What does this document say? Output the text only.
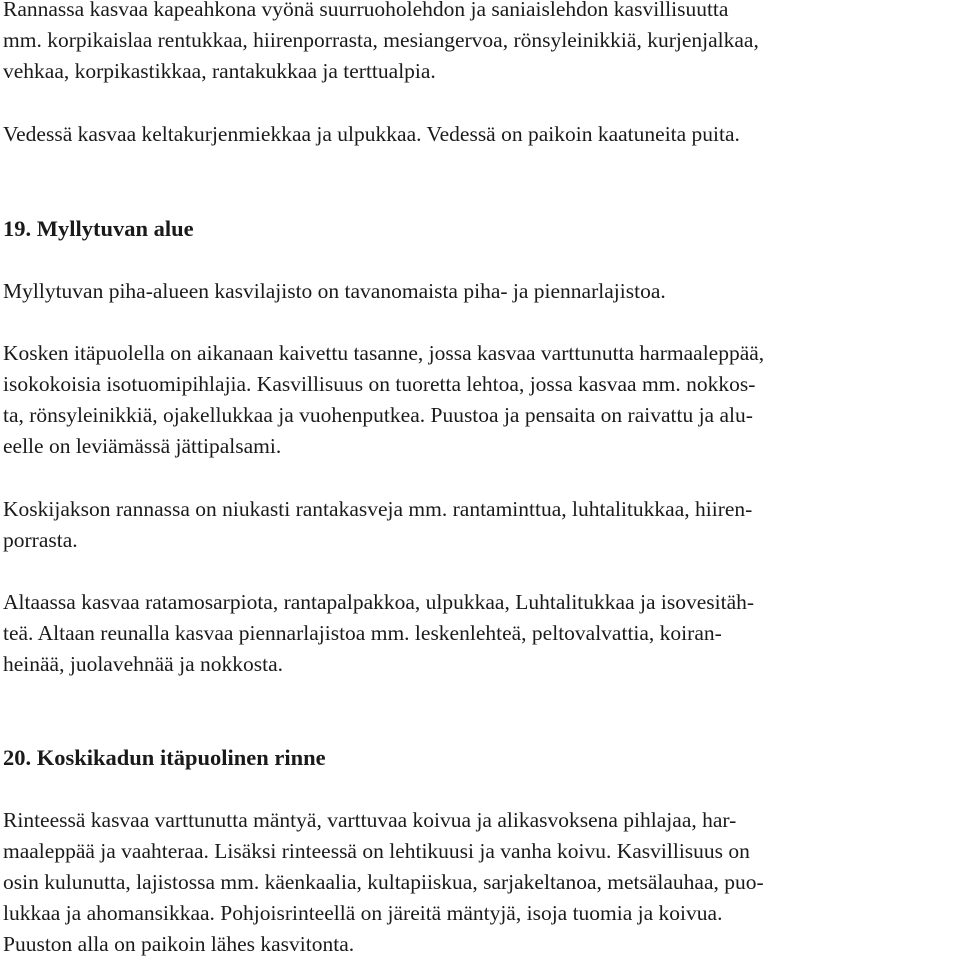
Rannassa kasvaa kapeahkona vyönä suurruoholehdon ja saniaislehdon kasvillisuutta

mm. korpikaislaa rentukkaa, hiirenporrasta, mesiangervoa, rönsyleinikkiä, kurjenjalkaa,

vehkaa, korpikastikkaa, rantakukkaa ja terttualpia.

Vedessä kasvaa keltakurjenmiekkaa ja ulpukkaa. Vedessä on paikoin kaatuneita puita.

19. Myllytuvan alue

Myllytuvan piha-alueen kasvilajisto on tavanomaista piha- ja piennarlajistoa.

Kosken itäpuolella on aikanaan kaivettu tasanne, jossa kasvaa varttunutta harmaaleppää,

isokokoisia isotuomipihlajia. Kasvillisuus on tuoretta lehtoa, jossa kasvaa mm. nokkos-

ta, rönsyleinikkiä, ojakellukkaa ja vuohenputkea. Puustoa ja pensaita on raivattu ja alu-

eelle on leviämässä jättipalsami.

Koskijakson rannassa on niukasti rantakasveja mm. rantaminttua, luhtalitukkaa, hiiren-

porrasta.

Altaassa kasvaa ratamosarpiota, rantapalpakkoa, ulpukkaa, Luhtalitukkaa ja isovesitäh-

teä. Altaan reunalla kasvaa piennarlajistoa mm. leskenlehteä, peltovalvattia, koiran-

heinää, juolavehnää ja nokkosta.

20. Koskikadun itäpuolinen rinne

Rinteessä kasvaa varttunutta mäntyä, varttuvaa koivua ja alikasvoksena pihlajaa, har-

maaleppää ja vaahteraa. Lisäksi rinteessä on lehtikuusi ja vanha koivu. Kasvillisuus on

osin kulunutta, lajistossa mm. käenkaalia, kultapiiskua, sarjakeltanoa, metsälauhaa, puo-

lukkaa ja ahomansikkaa. Pohjoisrinteellä on järeitä mäntyjä, isoja tuomia ja koivua.

Puuston alla on paikoin lähes kasvitonta.
